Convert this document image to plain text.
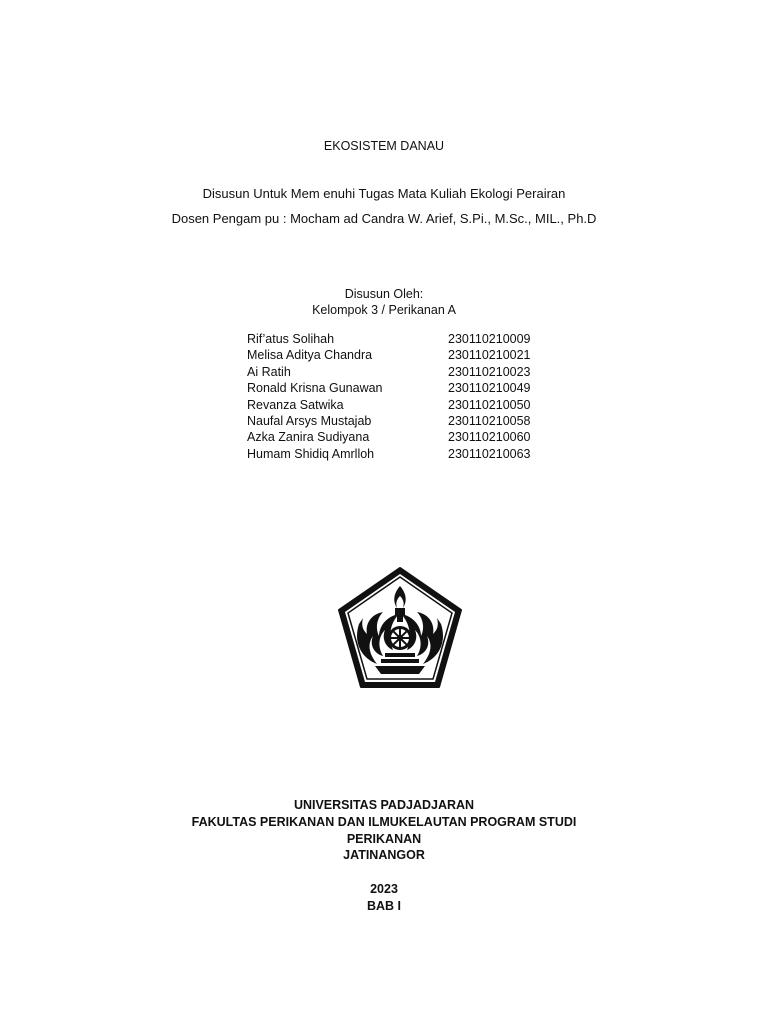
EKOSISTEM DANAU
Disusun Untuk Mem enuhi Tugas Mata Kuliah Ekologi Perairan
Dosen Pengam pu : Mocham ad Candra W. Arief, S.Pi., M.Sc., MIL., Ph.D
Disusun Oleh:
Kelompok 3 / Perikanan A
Rif’atus Solihah	230110210009
Melisa Aditya Chandra	230110210021
Ai Ratih	230110210023
Ronald Krisna Gunawan	230110210049
Revanza Satwika	230110210050
Naufal Arsys Mustajab	230110210058
Azka Zanira Sudiyana	230110210060
Humam Shidiq Amrlloh	230110210063
UNIVERSITAS PADJADJARAN
FAKULTAS PERIKANAN DAN ILMUKELAUTAN PROGRAM STUDI
PERIKANAN
JATINANGOR
2023
BAB I
